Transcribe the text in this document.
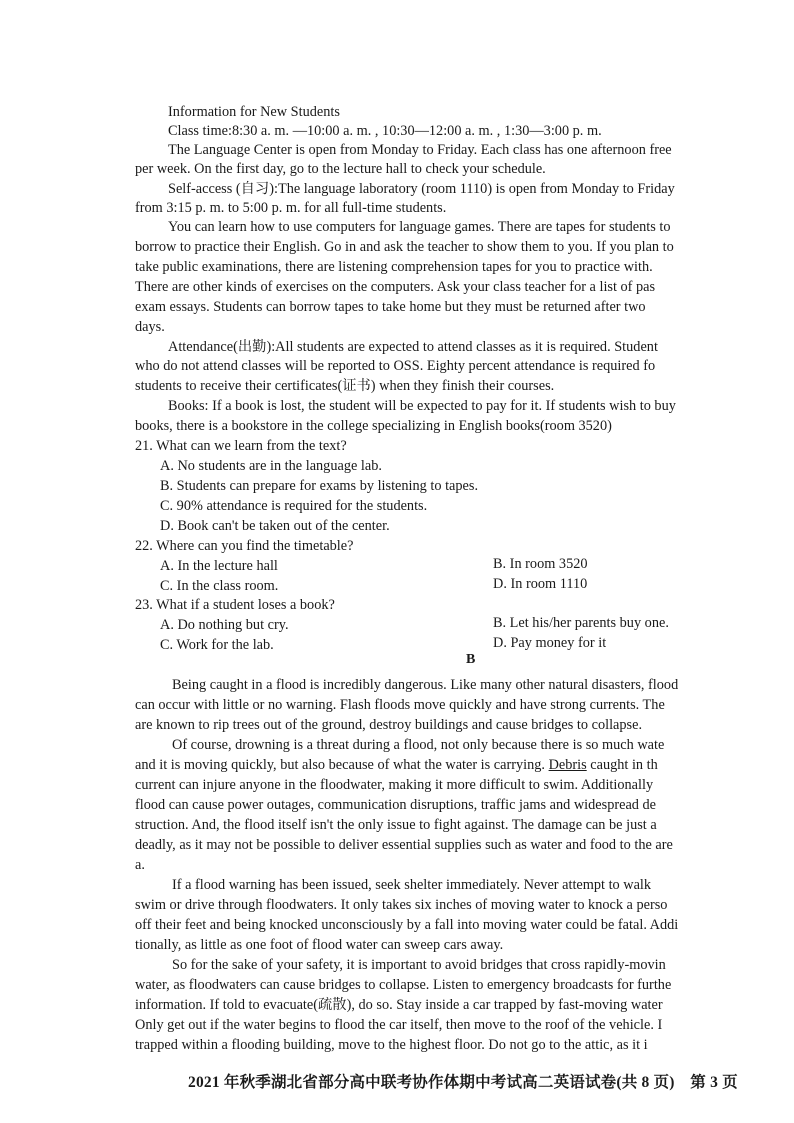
Information for New Students
Class time:8:30 a. m. —10:00 a. m. , 10:30—12:00 a. m. , 1:30—3:00 p. m.
The Language Center is open from Monday to Friday. Each class has one afternoon free
per week. On the first day, go to the lecture hall to check your schedule.
Self-access (自习):The language laboratory (room 1110) is open from Monday to Friday
from 3:15 p. m. to 5:00 p. m. for all full-time students.
You can learn how to use computers for language games. There are tapes for students to
borrow to practice their English. Go in and ask the teacher to show them to you. If you plan to
take public examinations, there are listening comprehension tapes for you to practice with.
There are other kinds of exercises on the computers. Ask your class teacher for a list of pas
exam essays. Students can borrow tapes to take home but they must be returned after two
days.
Attendance(出勤):All students are expected to attend classes as it is required. Student
who do not attend classes will be reported to OSS. Eighty percent attendance is required fo
students to receive their certificates(证书) when they finish their courses.
Books: If a book is lost, the student will be expected to pay for it. If students wish to buy
books, there is a bookstore in the college specializing in English books(room 3520)
21. What can we learn from the text?
A. No students are in the language lab.
B. Students can prepare for exams by listening to tapes.
C. 90% attendance is required for the students.
D. Book can't be taken out of the center.
22. Where can you find the timetable?
A. In the lecture hall	B. In room 3520
C. In the class room.	D. In room 1110
23. What if a student loses a book?
A. Do nothing but cry.	B. Let his/her parents buy one.
C. Work for the lab.	D. Pay money for it
B
Being caught in a flood is incredibly dangerous. Like many other natural disasters, flood
can occur with little or no warning. Flash floods move quickly and have strong currents. The
are known to rip trees out of the ground, destroy buildings and cause bridges to collapse.
Of course, drowning is a threat during a flood, not only because there is so much wate
and it is moving quickly, but also because of what the water is carrying. Debris caught in th
current can injure anyone in the floodwater, making it more difficult to swim. Additionally
flood can cause power outages, communication disruptions, traffic jams and widespread de
struction. And, the flood itself isn't the only issue to fight against. The damage can be just a
deadly, as it may not be possible to deliver essential supplies such as water and food to the are
a.
If a flood warning has been issued, seek shelter immediately. Never attempt to walk
swim or drive through floodwaters. It only takes six inches of moving water to knock a perso
off their feet and being knocked unconsciously by a fall into moving water could be fatal. Addi
tionally, as little as one foot of flood water can sweep cars away.
So for the sake of your safety, it is important to avoid bridges that cross rapidly-movin
water, as floodwaters can cause bridges to collapse. Listen to emergency broadcasts for furthe
information. If told to evacuate(疏散), do so. Stay inside a car trapped by fast-moving water
Only get out if the water begins to flood the car itself, then move to the roof of the vehicle. I
trapped within a flooding building, move to the highest floor. Do not go to the attic, as it i
2021 年秋季湖北省部分高中联考协作体期中考试高二英语试卷(共 8 页)　第 3 页
